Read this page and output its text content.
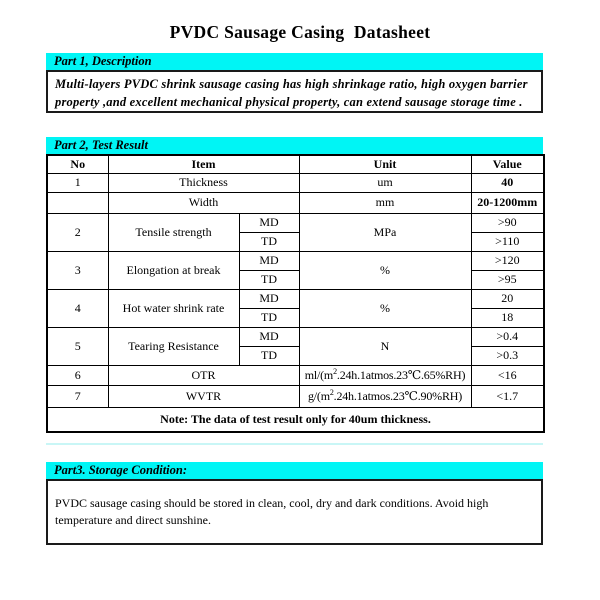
PVDC Sausage Casing  Datasheet
Part 1, Description
Multi-layers PVDC shrink sausage casing has high shrinkage ratio, high oxygen barrier
property ,and excellent mechanical physical property, can extend sausage storage time .
Part 2, Test Result
No	Item		Unit	Value
1	Thickness		um	40
	Width		mm	20-1200mm
2	Tensile strength	MD	MPa	>90
		TD		>110
3	Elongation at break	MD	%	>120
		TD		>95
4	Hot water shrink rate	MD	%	20
		TD		18
5	Tearing Resistance	MD	N	>0.4
		TD		>0.3
6	OTR		$ml/(m^2.24h.1atmos.23℃.65\%RH)$	<16
7	WVTR		$g/(m^2.24h.1atmos.23℃.90\%RH)$	<1.7
Note: The data of test result only for 40um thickness.				
Part3. Storage Condition:
PVDC sausage casing should be stored in clean, cool, dry and dark conditions. Avoid high
temperature and direct sunshine.
